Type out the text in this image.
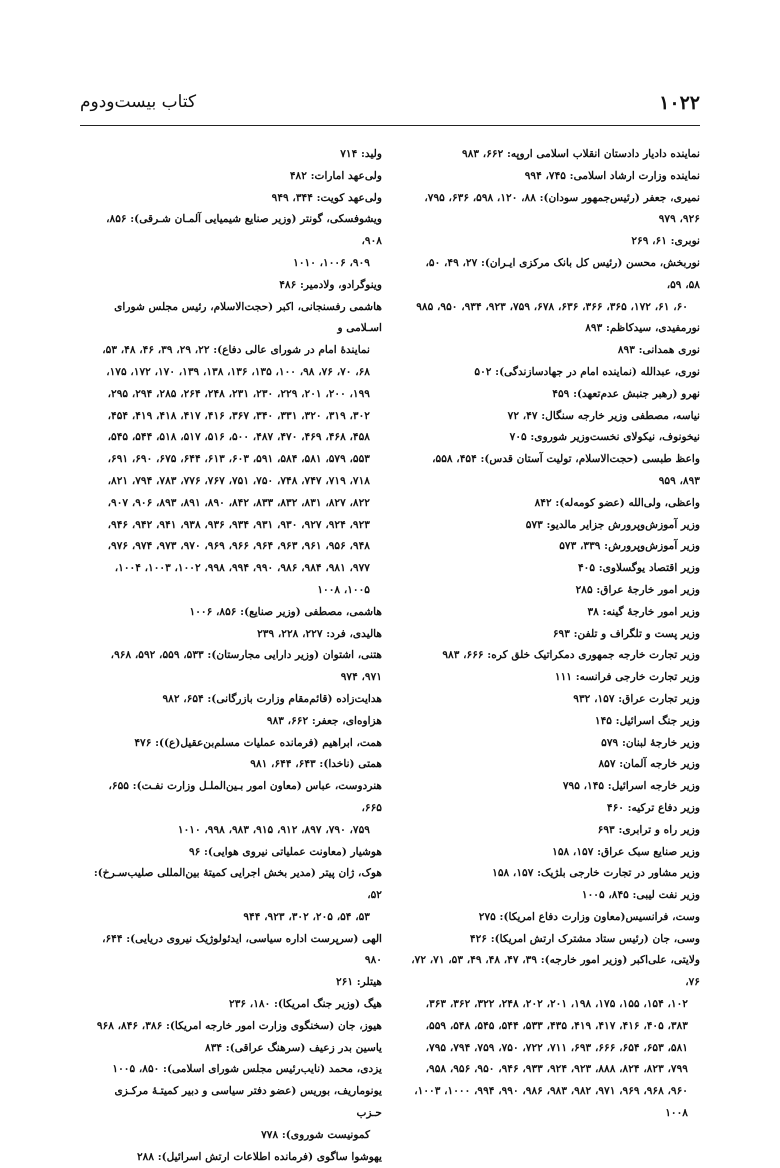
۱۰۲۲
کتاب بیست‌ودوم
نماینده دادیار دادستان انقلاب اسلامی اروپه: ۶۶۲، ۹۸۳
نماینده وزارت ارشاد اسلامی: ۷۴۵، ۹۹۴
نمیری، جعفر (رئیس‌جمهور سودان): ۸۸، ۱۲۰، ۵۹۸، ۶۳۶، ۷۹۵، ۹۲۶، ۹۷۹
نوبری: ۶۱، ۲۶۹
نوربخش، محسن (رئیس کل بانک مرکزی ایـران): ۲۷، ۴۹، ۵۰، ۵۸، ۵۹،
۶۰، ۶۱، ۱۷۲، ۳۶۵، ۳۶۶، ۶۳۶، ۶۷۸، ۷۵۹، ۹۲۳، ۹۳۴، ۹۵۰، ۹۸۵
نورمفیدی، سیدکاظم: ۸۹۳
نوری همدانی: ۸۹۳
نوری، عبدالله (نماینده امام در جهادسازندگی): ۵۰۲
نهرو (رهبر جنبش عدم‌تعهد): ۴۵۹
نیاسه، مصطفی وزیر خارجه سنگال: ۴۷، ۷۲
نیخونوف، نیکولای نخست‌وزیر شوروی: ۷۰۵
واعظ طبسی (حجت‌الاسلام، تولیت آستان قدس): ۴۵۴، ۵۵۸، ۸۹۳، ۹۵۹
واعظی، ولی‌الله (عضو کومه‌له): ۸۴۲
وزیر آموزش‌وپرورش جزایر مالدیو: ۵۷۳
وزیر آموزش‌وپرورش: ۳۳۹، ۵۷۳
وزیر اقتصاد یوگسلاوی: ۴۰۵
وزیر امور خارجهٔ عراق: ۲۸۵
وزیر امور خارجهٔ گینه: ۳۸
وزیر پست و تلگراف و تلفن: ۶۹۳
وزیر تجارت خارجه جمهوری دمکراتیک خلق کره: ۶۶۶، ۹۸۳
وزیر تجارت خارجی فرانسه: ۱۱۱
وزیر تجارت عراق: ۱۵۷، ۹۳۲
وزیر جنگ اسرائیل: ۱۴۵
وزیر خارجهٔ لبنان: ۵۷۹
وزیر خارجه آلمان: ۸۵۷
وزیر خارجه اسرائیل: ۱۴۵، ۷۹۵
وزیر دفاع ترکیه: ۴۶۰
وزیر راه و ترابری: ۶۹۳
وزیر صنایع سبک عراق: ۱۵۷، ۱۵۸
وزیر مشاور در تجارت خارجی بلژیک: ۱۵۷، ۱۵۸
وزیر نفت لیبی: ۸۴۵، ۱۰۰۵
وست، فرانسیس(معاون وزارت دفاع امریکا): ۲۷۵
وسی، جان (رئیس ستاد مشترک ارتش امریکا): ۴۲۶
ولایتی، علی‌اکبر (وزیر امور خارجه): ۳۹، ۴۷، ۴۸، ۴۹، ۵۳، ۷۱، ۷۲، ۷۶،
۱۰۲، ۱۵۴، ۱۵۵، ۱۷۵، ۱۹۸، ۲۰۱، ۲۰۲، ۲۴۸، ۳۲۲، ۳۶۲، ۳۶۳، ۳۸۳، ۴۰۵، ۴۱۶، ۴۱۷، ۴۱۹، ۴۳۵، ۵۳۳، ۵۴۴، ۵۴۵، ۵۴۸، ۵۵۹، ۵۸۱، ۶۵۳، ۶۵۴، ۶۶۶، ۶۹۳، ۷۱۱، ۷۲۲، ۷۵۰، ۷۵۹، ۷۹۴، ۷۹۵، ۷۹۹، ۸۲۳، ۸۲۴، ۸۸۸، ۹۲۳، ۹۲۴، ۹۳۳، ۹۴۶، ۹۵۰، ۹۵۶، ۹۵۸، ۹۶۰، ۹۶۸، ۹۶۹، ۹۷۱، ۹۸۲، ۹۸۳، ۹۸۶، ۹۹۰، ۹۹۴، ۱۰۰۰، ۱۰۰۳، ۱۰۰۸
ولید: ۷۱۴
ولی‌عهد امارات: ۴۸۲
ولی‌عهد کویت: ۳۴۴، ۹۴۹
ویشوفسکی، گونتر (وزیر صنایع شیمیایی آلمـان شـرقی): ۸۵۶، ۹۰۸،
۹۰۹، ۱۰۰۶، ۱۰۱۰
وینوگرادو، ولادمیر: ۴۸۶
هاشمی رفسنجانی، اکبر (حجت‌الاسلام، رئیس مجلس شورای اسـلامی و
نمایندهٔ امام در شورای عالی دفاع): ۲۲، ۲۹، ۳۹، ۴۶، ۴۸، ۵۳، ۶۸، ۷۰، ۷۶، ۹۸، ۱۰۰، ۱۳۵، ۱۳۶، ۱۳۸، ۱۳۹، ۱۷۰، ۱۷۲، ۱۷۵، ۱۹۹، ۲۰۰، ۲۰۱، ۲۲۹، ۲۳۰، ۲۳۱، ۲۴۸، ۲۶۴، ۲۸۵، ۲۹۴، ۲۹۵، ۳۰۲، ۳۱۹، ۳۲۰، ۳۳۱، ۳۴۰، ۳۶۷، ۴۱۶، ۴۱۷، ۴۱۸، ۴۱۹، ۴۵۴، ۴۵۸، ۴۶۸، ۴۶۹، ۴۷۰، ۴۸۷، ۵۰۰، ۵۱۶، ۵۱۷، ۵۱۸، ۵۴۴، ۵۴۵، ۵۵۳، ۵۷۹، ۵۸۱، ۵۸۴، ۵۹۱، ۶۰۳، ۶۱۳، ۶۴۴، ۶۷۵، ۶۹۰، ۶۹۱، ۷۱۸، ۷۱۹، ۷۴۷، ۷۴۸، ۷۵۰، ۷۵۱، ۷۶۷، ۷۷۶، ۷۸۳، ۷۹۴، ۸۲۱، ۸۲۲، ۸۲۷، ۸۳۱، ۸۳۲، ۸۳۳، ۸۴۲، ۸۹۰، ۸۹۱، ۸۹۳، ۹۰۶، ۹۰۷، ۹۲۳، ۹۲۴، ۹۲۷، ۹۳۰، ۹۳۱، ۹۳۴، ۹۳۶، ۹۳۸، ۹۴۱، ۹۴۲، ۹۴۶، ۹۴۸، ۹۵۶، ۹۶۱، ۹۶۳، ۹۶۴، ۹۶۶، ۹۶۹، ۹۷۰، ۹۷۳، ۹۷۴، ۹۷۶، ۹۷۷، ۹۸۱، ۹۸۴، ۹۸۶، ۹۹۰، ۹۹۴، ۹۹۸، ۱۰۰۲، ۱۰۰۳، ۱۰۰۴، ۱۰۰۵، ۱۰۰۸
هاشمی، مصطفی (وزیر صنایع): ۸۵۶، ۱۰۰۶
هالیدی، فرد: ۲۲۷، ۲۲۸، ۲۳۹
هتنی، اشتوان (وزیر دارایی مجارستان): ۵۳۳، ۵۵۹، ۵۹۲، ۹۶۸، ۹۷۱، ۹۷۴
هدایت‌زاده (قائم‌مقام وزارت بازرگانی): ۶۵۴، ۹۸۲
هزاوه‌ای، جعفر: ۶۶۲، ۹۸۳
همت، ابراهیم (فرمانده عملیات مسلم‌بن‌عقیل(ع)): ۴۷۶
همتی (ناخدا): ۶۴۳، ۶۴۴، ۹۸۱
هنردوست، عباس (معاون امور بـین‌الملـل وزارت نفـت): ۶۵۵، ۶۶۵،
۷۵۹، ۷۹۰، ۸۹۷، ۹۱۲، ۹۱۵، ۹۸۳، ۹۹۸، ۱۰۱۰
هوشیار (معاونت عملیاتی نیروی هوایی): ۹۶
هوک، ژان پیتر (مدیر بخش اجرایی کمیتهٔ بین‌المللی صلیب‌سـرخ): ۵۲،
۵۳، ۵۴، ۲۰۵، ۳۰۲، ۹۲۳، ۹۴۴
الهی (سرپرست اداره سیاسی، ایدئولوژیک نیروی دریایی): ۶۴۴، ۹۸۰
هیتلر: ۲۶۱
هیگ (وزیر جنگ امریکا): ۱۸۰، ۲۳۶
هیوز، جان (سخنگوی وزارت امور خارجه امریکا): ۳۸۶، ۸۴۶، ۹۶۸
یاسین بدر زعیف (سرهنگ عراقی): ۸۳۴
یزدی، محمد (نایب‌رئیس مجلس شورای اسلامی): ۸۵۰، ۱۰۰۵
یونوماریف، بوریس (عضو دفتر سیاسی و دبیر کمیتـهٔ مرکـزی حـزب
کمونیست شوروی): ۷۷۸
یهوشوا ساگوی (فرمانده اطلاعات ارتش اسرائیل): ۲۸۸
